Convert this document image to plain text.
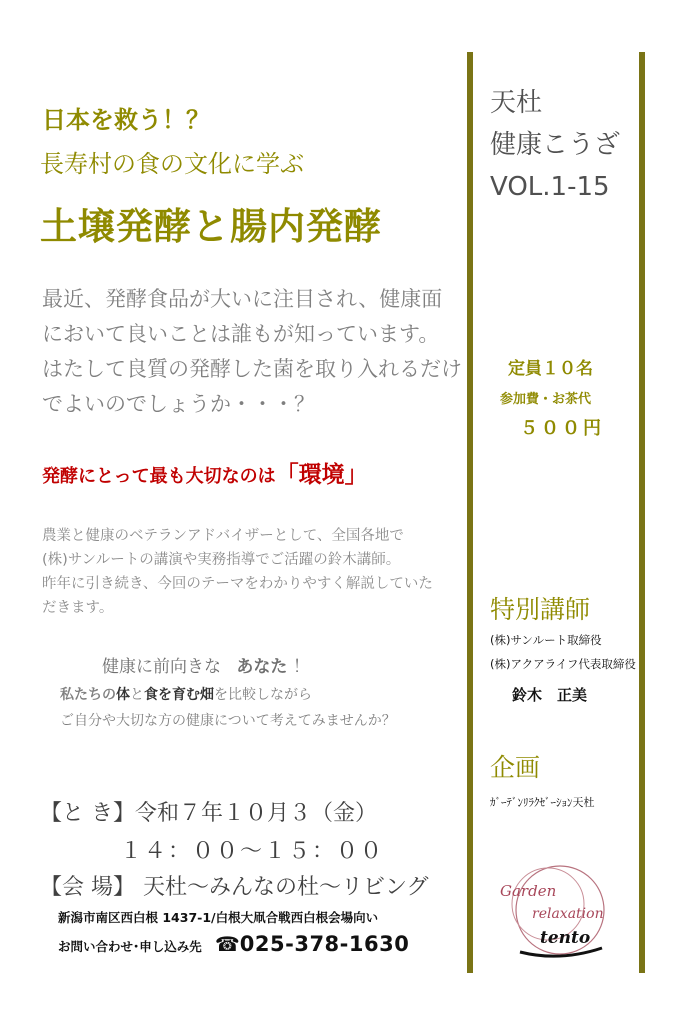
日本を救う！？
長寿村の食の文化に学ぶ
土壌発酵と腸内発酵
最近、発酵食品が大いに注目され、健康面
において良いことは誰もが知っています。
はたして良質の発酵した菌を取り入れるだけ
でよいのでしょうか・・・？
発酵にとって最も大切なのは「環境」
農業と健康のベテランアドバイザーとして、全国各地で
(株)サンルートの講演や実務指導でご活躍の鈴木講師。
昨年に引き続き、今回のテーマをわかりやすく解説していた
だきます。
健康に前向きな あなた ！
私たちの体と食を育む畑を比較しながら
ご自分や大切な方の健康について考えてみませんか？
【と き】令和７年１０月３（金）
１４：００～１５：００
【会 場】 天杜～みんなの杜～リビング
新潟市南区西白根 1437-1/白根大凧合戦西白根会場向い
お問い合わせ･申し込み先 ☎025-378-1630
天杜
健康こうざ
VOL.1-15
定員１０名
参加費・お茶代
５００円
特別講師
(株)サンルート取締役
(株)アクアライフ代表取締役
鈴木　正美
企画
ｶﾞｰﾃﾞﾝﾘﾗｸｾﾞｰｼｮﾝ天杜
Garden
relaxation
tento
